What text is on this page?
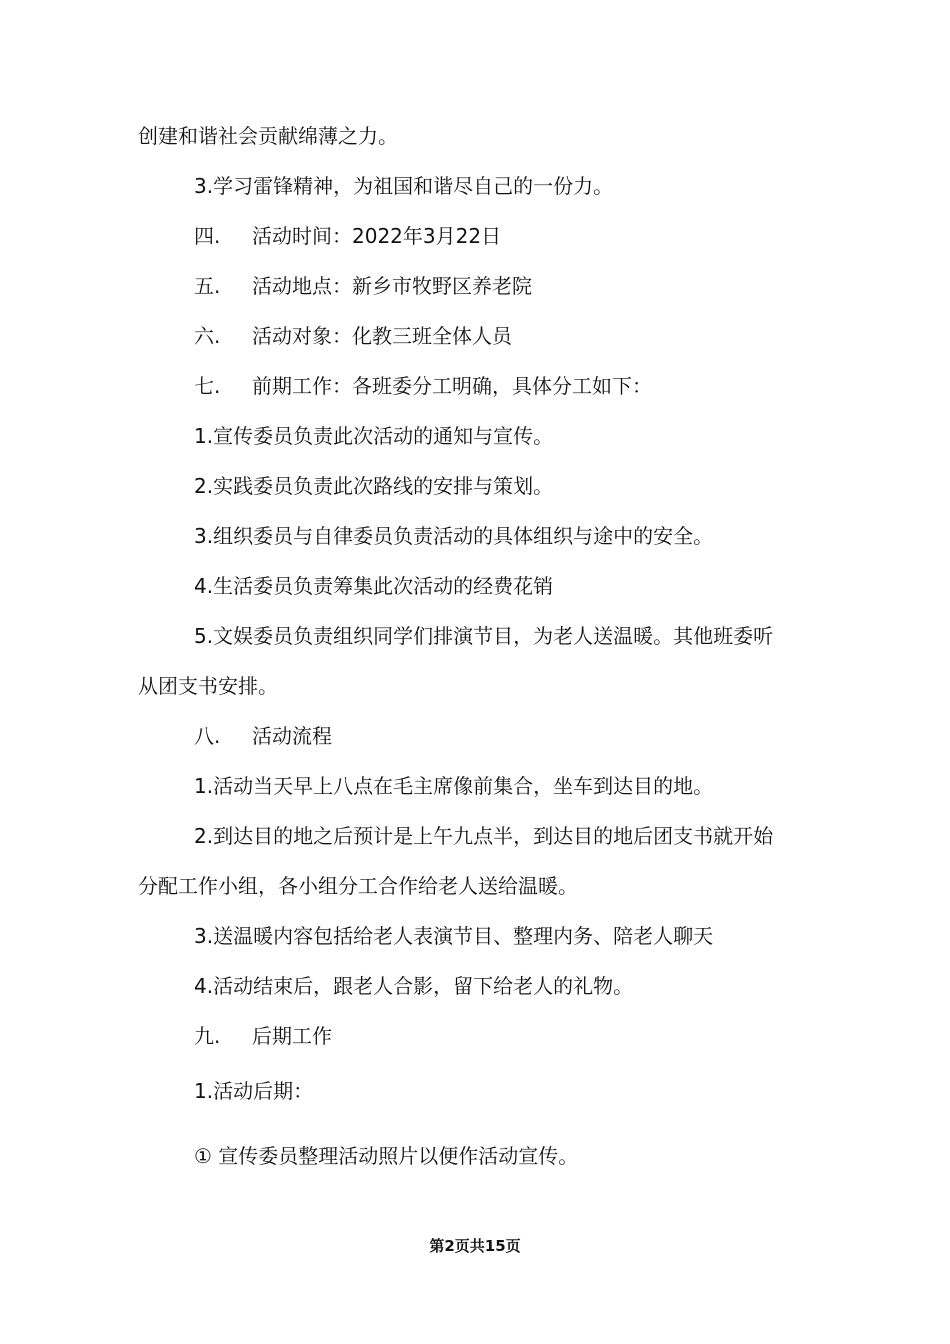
创建和谐社会贡献绵薄之力。
3.学习雷锋精神，为祖国和谐尽自己的一份力。
四. 活动时间：2022年3月22日
五. 活动地点：新乡市牧野区养老院
六. 活动对象：化教三班全体人员
七. 前期工作：各班委分工明确，具体分工如下：
1.宣传委员负责此次活动的通知与宣传。
2.实践委员负责此次路线的安排与策划。
3.组织委员与自律委员负责活动的具体组织与途中的安全。
4.生活委员负责筹集此次活动的经费花销
5.文娱委员负责组织同学们排演节目，为老人送温暖。其他班委听
从团支书安排。
八. 活动流程
1.活动当天早上八点在毛主席像前集合，坐车到达目的地。
2.到达目的地之后预计是上午九点半，到达目的地后团支书就开始
分配工作小组，各小组分工合作给老人送给温暖。
3.送温暖内容包括给老人表演节目、整理内务、陪老人聊天
4.活动结束后，跟老人合影，留下给老人的礼物。
九. 后期工作
1.活动后期：
① 宣传委员整理活动照片以便作活动宣传。
第2页共15页
